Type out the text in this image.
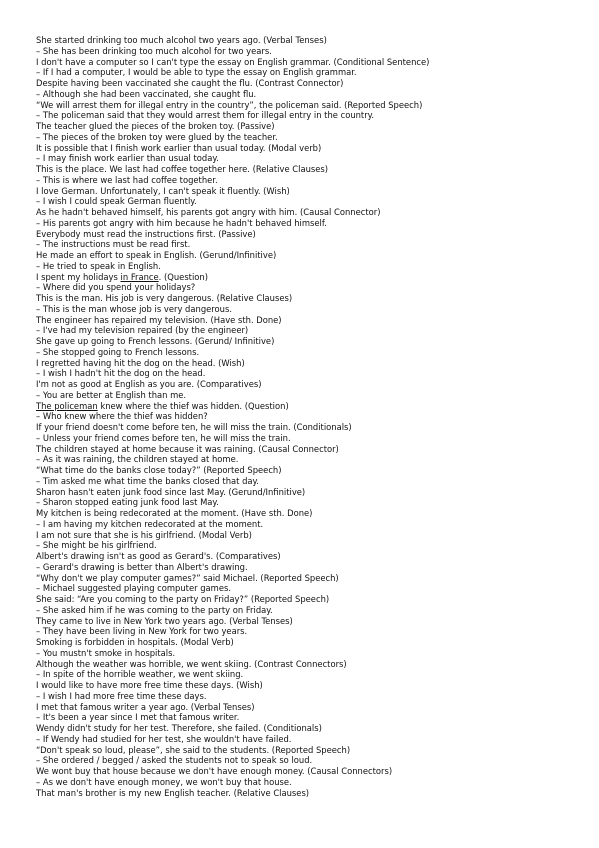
She started drinking too much alcohol two years ago. (Verbal Tenses)
– She has been drinking too much alcohol for two years.
I don't have a computer so I can't type the essay on English grammar. (Conditional Sentence)
– If I had a computer, I would be able to type the essay on English grammar.
Despite having been vaccinated she caught the flu. (Contrast Connector)
– Although she had been vaccinated, she caught flu.
“We will arrest them for illegal entry in the country”, the policeman said. (Reported Speech)
– The policeman said that they would arrest them for illegal entry in the country.
The teacher glued the pieces of the broken toy. (Passive)
– The pieces of the broken toy were glued by the teacher.
It is possible that I finish work earlier than usual today. (Modal verb)
– I may finish work earlier than usual today.
This is the place. We last had coffee together here. (Relative Clauses)
– This is where we last had coffee together.
I love German. Unfortunately, I can't speak it fluently. (Wish)
– I wish I could speak German fluently.
As he hadn't behaved himself, his parents got angry with him. (Causal Connector)
– His parents got angry with him because he hadn't behaved himself.
Everybody must read the instructions first. (Passive)
– The instructions must be read first.
He made an effort to speak in English. (Gerund/Infinitive)
– He tried to speak in English.
I spent my holidays in France. (Question)
– Where did you spend your holidays?
This is the man. His job is very dangerous. (Relative Clauses)
– This is the man whose job is very dangerous.
The engineer has repaired my television. (Have sth. Done)
– I've had my television repaired (by the engineer)
She gave up going to French lessons. (Gerund/ Infinitive)
– She stopped going to French lessons.
I regretted having hit the dog on the head. (Wish)
– I wish I hadn't hit the dog on the head.
I'm not as good at English as you are. (Comparatives)
– You are better at English than me.
The policeman knew where the thief was hidden. (Question)
– Who knew where the thief was hidden?
If your friend doesn't come before ten, he will miss the train. (Conditionals)
– Unless your friend comes before ten, he will miss the train.
The children stayed at home because it was raining. (Causal Connector)
– As it was raining, the children stayed at home.
“What time do the banks close today?” (Reported Speech)
– Tim asked me what time the banks closed that day.
Sharon hasn't eaten junk food since last May. (Gerund/Infinitive)
– Sharon stopped eating junk food last May.
My kitchen is being redecorated at the moment. (Have sth. Done)
– I am having my kitchen redecorated at the moment.
I am not sure that she is his girlfriend. (Modal Verb)
– She might be his girlfriend.
Albert's drawing isn't as good as Gerard's. (Comparatives)
– Gerard's drawing is better than Albert's drawing.
“Why don't we play computer games?” said Michael. (Reported Speech)
– Michael suggested playing computer games.
She said: “Are you coming to the party on Friday?” (Reported Speech)
– She asked him if he was coming to the party on Friday.
They came to live in New York two years ago. (Verbal Tenses)
– They have been living in New York for two years.
Smoking is forbidden in hospitals. (Modal Verb)
– You mustn't smoke in hospitals.
Although the weather was horrible, we went skiing. (Contrast Connectors)
– In spite of the horrible weather, we went skiing.
I would like to have more free time these days. (Wish)
– I wish I had more free time these days.
I met that famous writer a year ago. (Verbal Tenses)
– It's been a year since I met that famous writer.
Wendy didn't study for her test. Therefore, she failed. (Conditionals)
– If Wendy had studied for her test, she wouldn't have failed.
“Don't speak so loud, please”, she said to the students. (Reported Speech)
– She ordered / begged / asked the students not to speak so loud.
We wont buy that house because we don't have enough money. (Causal Connectors)
– As we don't have enough money, we won't buy that house.
That man's brother is my new English teacher. (Relative Clauses)
